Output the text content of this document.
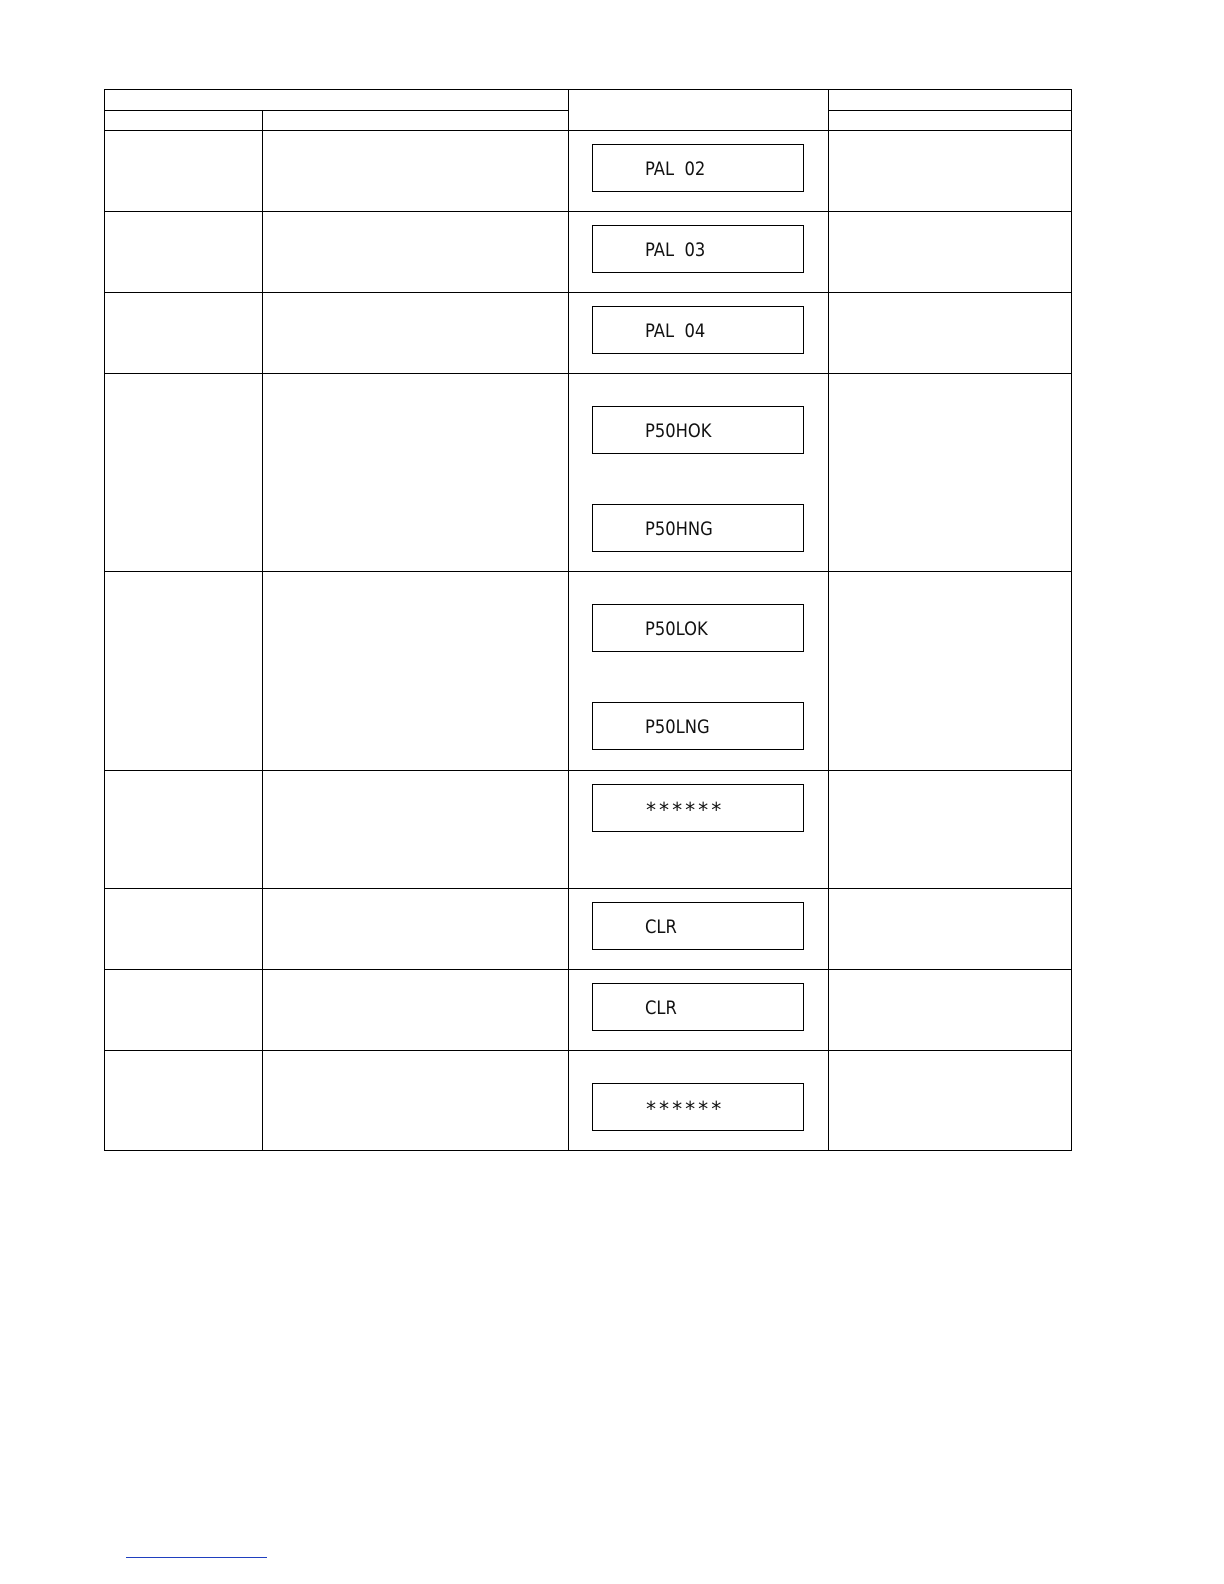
PAL  02
PAL  03
PAL  04
P50HOK
P50HNG
P50LOK
P50LNG
******
CLR
CLR
******
